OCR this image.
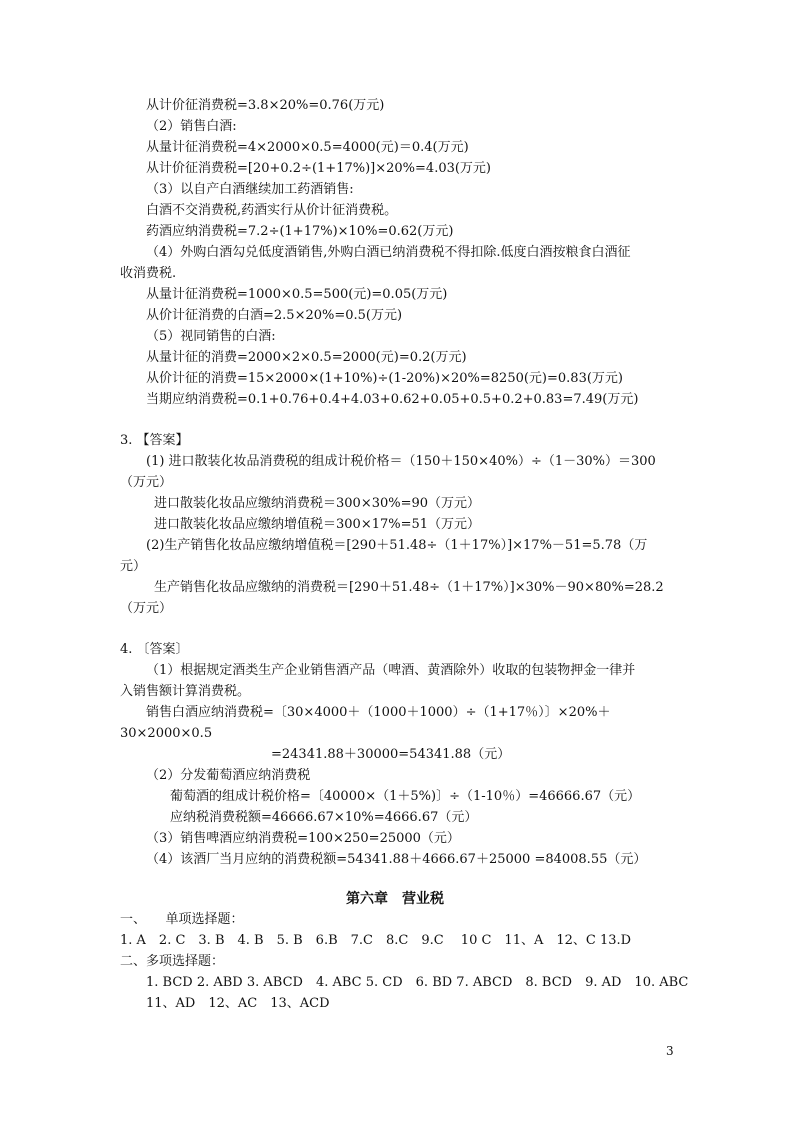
从计价征消费税=3.8×20%=0.76(万元)
（2）销售白酒:
从量计征消费税=4×2000×0.5=4000(元)＝0.4(万元)
从计价征消费税=[20+0.2÷(1+17%)]×20%=4.03(万元)
（3）以自产白酒继续加工药酒销售:
白酒不交消费税,药酒实行从价计征消费税。
药酒应纳消费税=7.2÷(1+17%)×10%=0.62(万元)
（4）外购白酒勾兑低度酒销售,外购白酒已纳消费税不得扣除.低度白酒按粮食白酒征
收消费税.
从量计征消费税=1000×0.5=500(元)=0.05(万元)
从价计征消费的白酒=2.5×20%=0.5(万元)
（5）视同销售的白酒:
从量计征的消费=2000×2×0.5=2000(元)=0.2(万元)
从价计征的消费=15×2000×(1+10%)÷(1-20%)×20%=8250(元)=0.83(万元)
当期应纳消费税=0.1+0.76+0.4+4.03+0.62+0.05+0.5+0.2+0.83=7.49(万元)
3. 【答案】
(1) 进口散装化妆品消费税的组成计税价格＝（150＋150×40%）÷（1－30%）＝300
（万元）
进口散装化妆品应缴纳消费税＝300×30%=90（万元）
进口散装化妆品应缴纳增值税＝300×17%=51（万元）
(2)生产销售化妆品应缴纳增值税＝[290＋51.48÷（1＋17%）]×17%－51=5.78（万
元）
生产销售化妆品应缴纳的消费税＝[290＋51.48÷（1＋17%）]×30%－90×80%=28.2
（万元）
4. 〔答案〕
（1）根据规定酒类生产企业销售酒产品（啤酒、黄酒除外）收取的包装物押金一律并
入销售额计算消费税。
销售白酒应纳消费税=〔30×4000＋（1000＋1000）÷（1+17％）〕×20%＋
30×2000×0.5
=24341.88＋30000=54341.88（元）
（2）分发葡萄酒应纳消费税
葡萄酒的组成计税价格=〔40000×（1＋5%)〕÷（1-10％）=46666.67（元）
应纳税消费税额=46666.67×10%=4666.67（元）
（3）销售啤酒应纳消费税=100×250=25000（元）
（4）该酒厂当月应纳的消费税额=54341.88＋4666.67＋25000 =84008.55（元）
第六章　营业税
一、　　单项选择题：
1. A　2. C　3. B　4. B　5. B　6.B　7.C　8.C　9.C　 10 C　11、A　12、C 13.D
二、多项选择题：
1. BCD 2. ABD 3. ABCD　4. ABC 5. CD　6. BD 7. ABCD　8. BCD　9. AD　10. ABC
11、AD　12、AC　13、ACD
3
